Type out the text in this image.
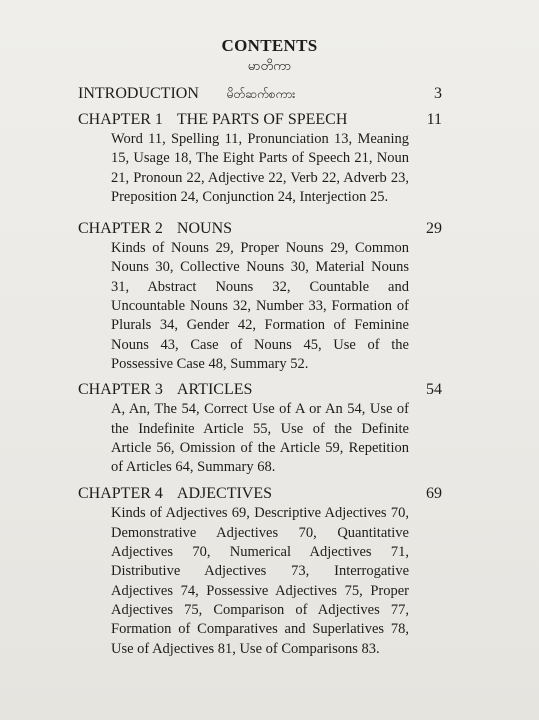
CONTENTS
မာတိကာ
INTRODUCTION မိတ်ဆက်စကား	3
CHAPTER 1 THE PARTS OF SPEECH	11
Word 11, Spelling 11, Pronunciation 13, Meaning 15, Usage 18, The Eight Parts of Speech 21, Noun 21, Pronoun 22, Adjective 22, Verb 22, Adverb 23, Preposition 24, Conjunction 24, Interjection 25.
CHAPTER 2 NOUNS	29
Kinds of Nouns 29, Proper Nouns 29, Common Nouns 30, Collective Nouns 30, Material Nouns 31, Abstract Nouns 32, Countable and Uncountable Nouns 32, Number 33, Formation of Plurals 34, Gender 42, Formation of Feminine Nouns 43, Case of Nouns 45, Use of the Possessive Case 48, Summary 52.
CHAPTER 3 ARTICLES	54
A, An, The 54, Correct Use of A or An 54, Use of the Indefinite Article 55, Use of the Definite Article 56, Omission of the Article 59, Repetition of Articles 64, Summary 68.
CHAPTER 4 ADJECTIVES	69
Kinds of Adjectives 69, Descriptive Adjectives 70, Demonstrative Adjectives 70, Quantitative Adjectives 70, Numerical Adjectives 71, Distributive Adjectives 73, Interrogative Adjectives 74, Possessive Adjectives 75, Proper Adjectives 75, Comparison of Adjectives 77, Formation of Comparatives and Superlatives 78, Use of Adjectives 81, Use of Comparisons 83.
